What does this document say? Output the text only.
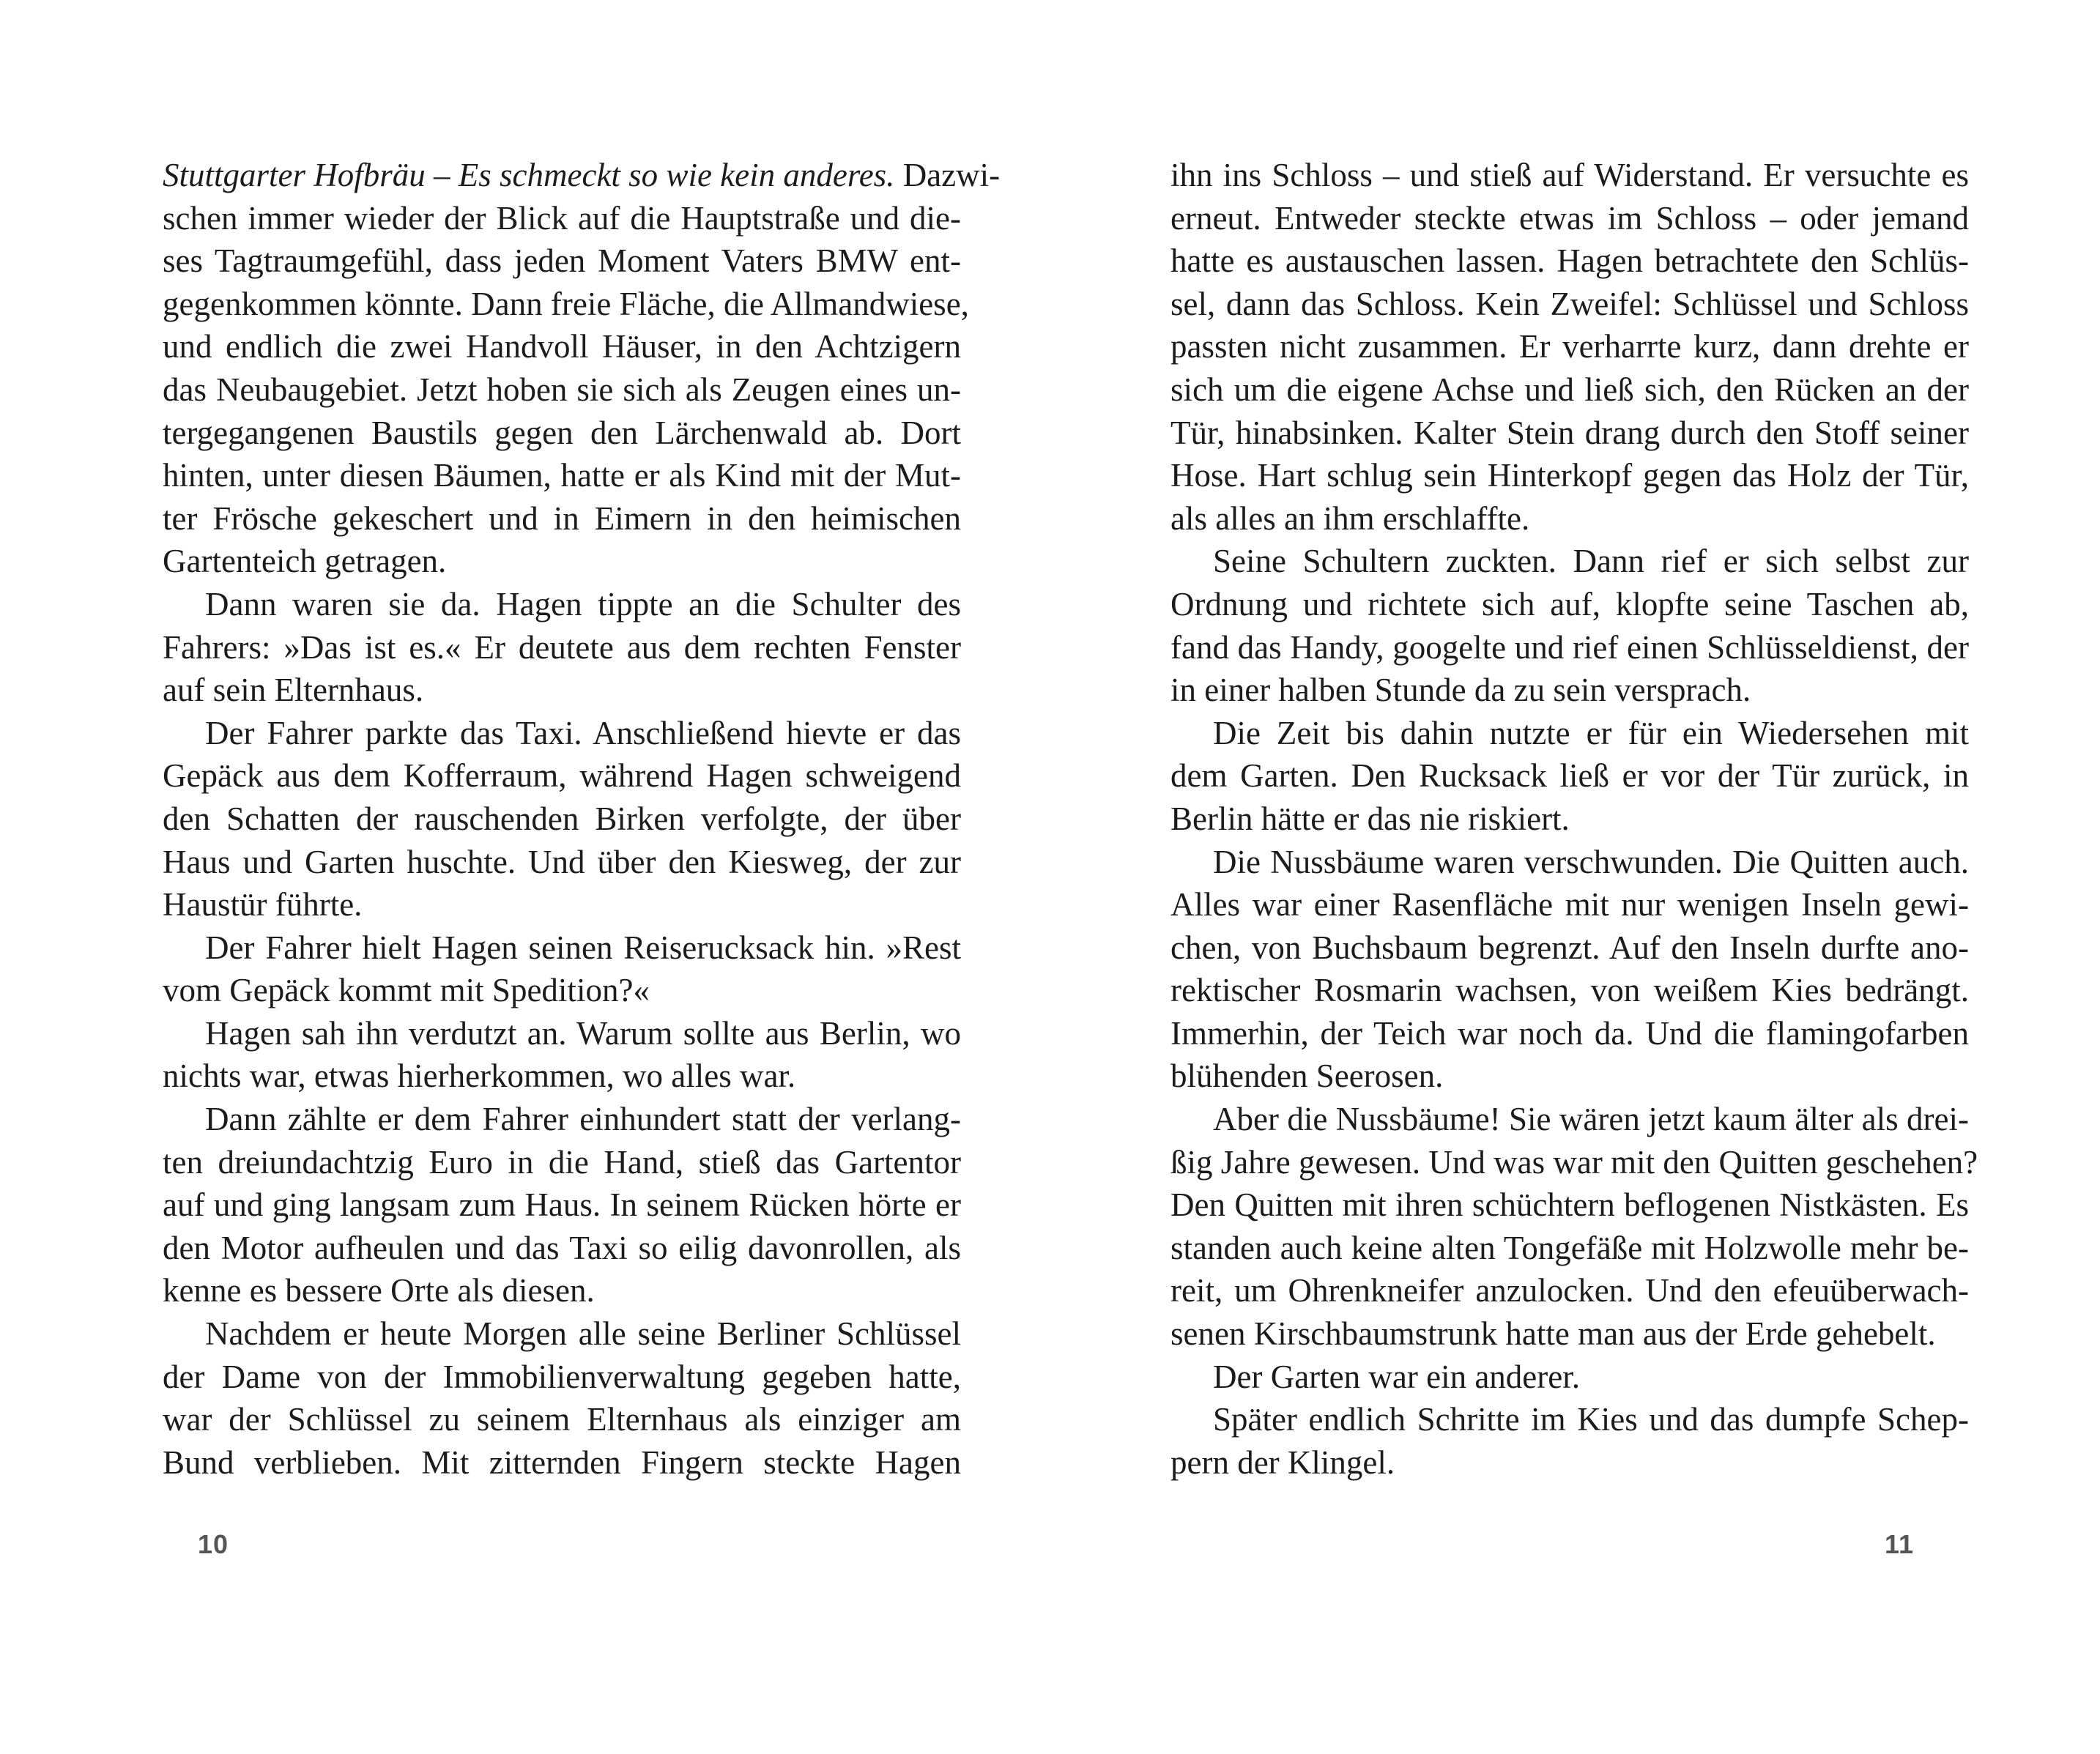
Stuttgarter Hofbräu – Es schmeckt so wie kein anderes. Dazwi-
schen immer wieder der Blick auf die Hauptstraße und die-
ses Tagtraumgefühl, dass jeden Moment Vaters BMW ent-
gegenkommen könnte. Dann freie Fläche, die Allmandwiese,
und endlich die zwei Handvoll Häuser, in den Achtzigern
das Neubaugebiet. Jetzt hoben sie sich als Zeugen eines un-
tergegangenen Baustils gegen den Lärchenwald ab. Dort
hinten, unter diesen Bäumen, hatte er als Kind mit der Mut-
ter Frösche gekeschert und in Eimern in den heimischen
Gartenteich getragen.
Dann waren sie da. Hagen tippte an die Schulter des
Fahrers: »Das ist es.« Er deutete aus dem rechten Fenster
auf sein Elternhaus.
Der Fahrer parkte das Taxi. Anschließend hievte er das
Gepäck aus dem Kofferraum, während Hagen schweigend
den Schatten der rauschenden Birken verfolgte, der über
Haus und Garten huschte. Und über den Kiesweg, der zur
Haustür führte.
Der Fahrer hielt Hagen seinen Reiserucksack hin. »Rest
vom Gepäck kommt mit Spedition?«
Hagen sah ihn verdutzt an. Warum sollte aus Berlin, wo
nichts war, etwas hierherkommen, wo alles war.
Dann zählte er dem Fahrer einhundert statt der verlang-
ten dreiundachtzig Euro in die Hand, stieß das Gartentor
auf und ging langsam zum Haus. In seinem Rücken hörte er
den Motor aufheulen und das Taxi so eilig davonrollen, als
kenne es bessere Orte als diesen.
Nachdem er heute Morgen alle seine Berliner Schlüssel
der Dame von der Immobilienverwaltung gegeben hatte,
war der Schlüssel zu seinem Elternhaus als einziger am
Bund verblieben. Mit zitternden Fingern steckte Hagen
10
ihn ins Schloss – und stieß auf Widerstand. Er versuchte es
erneut. Entweder steckte etwas im Schloss – oder jemand
hatte es austauschen lassen. Hagen betrachtete den Schlüs-
sel, dann das Schloss. Kein Zweifel: Schlüssel und Schloss
passten nicht zusammen. Er verharrte kurz, dann drehte er
sich um die eigene Achse und ließ sich, den Rücken an der
Tür, hinabsinken. Kalter Stein drang durch den Stoff seiner
Hose. Hart schlug sein Hinterkopf gegen das Holz der Tür,
als alles an ihm erschlaffte.
Seine Schultern zuckten. Dann rief er sich selbst zur
Ordnung und richtete sich auf, klopfte seine Taschen ab,
fand das Handy, googelte und rief einen Schlüsseldienst, der
in einer halben Stunde da zu sein versprach.
Die Zeit bis dahin nutzte er für ein Wiedersehen mit
dem Garten. Den Rucksack ließ er vor der Tür zurück, in
Berlin hätte er das nie riskiert.
Die Nussbäume waren verschwunden. Die Quitten auch.
Alles war einer Rasenfläche mit nur wenigen Inseln gewi-
chen, von Buchsbaum begrenzt. Auf den Inseln durfte ano-
rektischer Rosmarin wachsen, von weißem Kies bedrängt.
Immerhin, der Teich war noch da. Und die flamingofarben
blühenden Seerosen.
Aber die Nussbäume! Sie wären jetzt kaum älter als drei-
ßig Jahre gewesen. Und was war mit den Quitten geschehen?
Den Quitten mit ihren schüchtern beflogenen Nistkästen. Es
standen auch keine alten Tongefäße mit Holzwolle mehr be-
reit, um Ohrenkneifer anzulocken. Und den efeuüberwach-
senen Kirschbaumstrunk hatte man aus der Erde gehebelt.
Der Garten war ein anderer.
Später endlich Schritte im Kies und das dumpfe Schep-
pern der Klingel.
11
